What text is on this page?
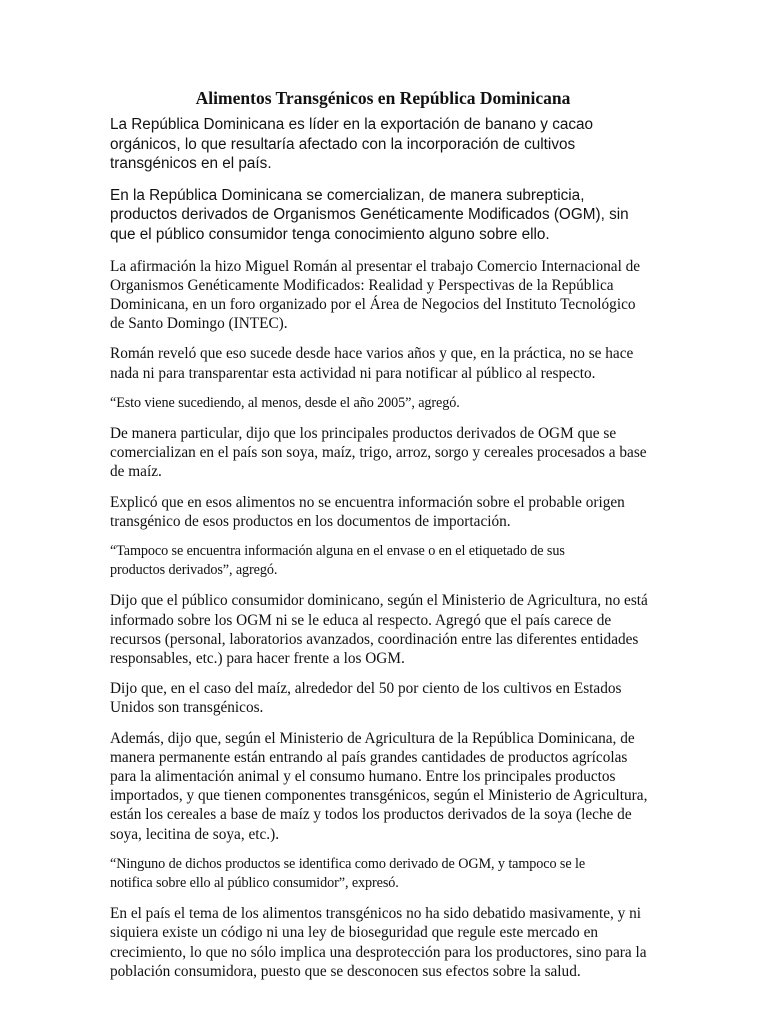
Alimentos Transgénicos en República Dominicana
La República Dominicana es líder en la exportación de banano y cacao
orgánicos, lo que resultaría afectado con la incorporación de cultivos
transgénicos en el país.
En la República Dominicana se comercializan, de manera subrepticia,
productos derivados de Organismos Genéticamente Modificados (OGM), sin
que el público consumidor tenga conocimiento alguno sobre ello.
La afirmación la hizo Miguel Román al presentar el trabajo Comercio Internacional de
Organismos Genéticamente Modificados: Realidad y Perspectivas de la República
Dominicana, en un foro organizado por el Área de Negocios del Instituto Tecnológico
de Santo Domingo (INTEC).
Román reveló que eso sucede desde hace varios años y que, en la práctica, no se hace
nada ni para transparentar esta actividad ni para notificar al público al respecto.
“Esto viene sucediendo, al menos, desde el año 2005”, agregó.
De manera particular, dijo que los principales productos derivados de OGM que se
comercializan en el país son soya, maíz, trigo, arroz, sorgo y cereales procesados a base
de maíz.
Explicó que en esos alimentos no se encuentra información sobre el probable origen
transgénico de esos productos en los documentos de importación.
“Tampoco se encuentra información alguna en el envase o en el etiquetado de sus
productos derivados”, agregó.
Dijo que el público consumidor dominicano, según el Ministerio de Agricultura, no está
informado sobre los OGM ni se le educa al respecto. Agregó que el país carece de
recursos (personal, laboratorios avanzados, coordinación entre las diferentes entidades
responsables, etc.) para hacer frente a los OGM.
Dijo que, en el caso del maíz, alrededor del 50 por ciento de los cultivos en Estados
Unidos son transgénicos.
Además, dijo que, según el Ministerio de Agricultura de la República Dominicana, de
manera permanente están entrando al país grandes cantidades de productos agrícolas
para la alimentación animal y el consumo humano. Entre los principales productos
importados, y que tienen componentes transgénicos, según el Ministerio de Agricultura,
están los cereales a base de maíz y todos los productos derivados de la soya (leche de
soya, lecitina de soya, etc.).
“Ninguno de dichos productos se identifica como derivado de OGM, y tampoco se le
notifica sobre ello al público consumidor”, expresó.
En el país el tema de los alimentos transgénicos no ha sido debatido masivamente, y ni
siquiera existe un código ni una ley de bioseguridad que regule este mercado en
crecimiento, lo que no sólo implica una desprotección para los productores, sino para la
población consumidora, puesto que se desconocen sus efectos sobre la salud.
